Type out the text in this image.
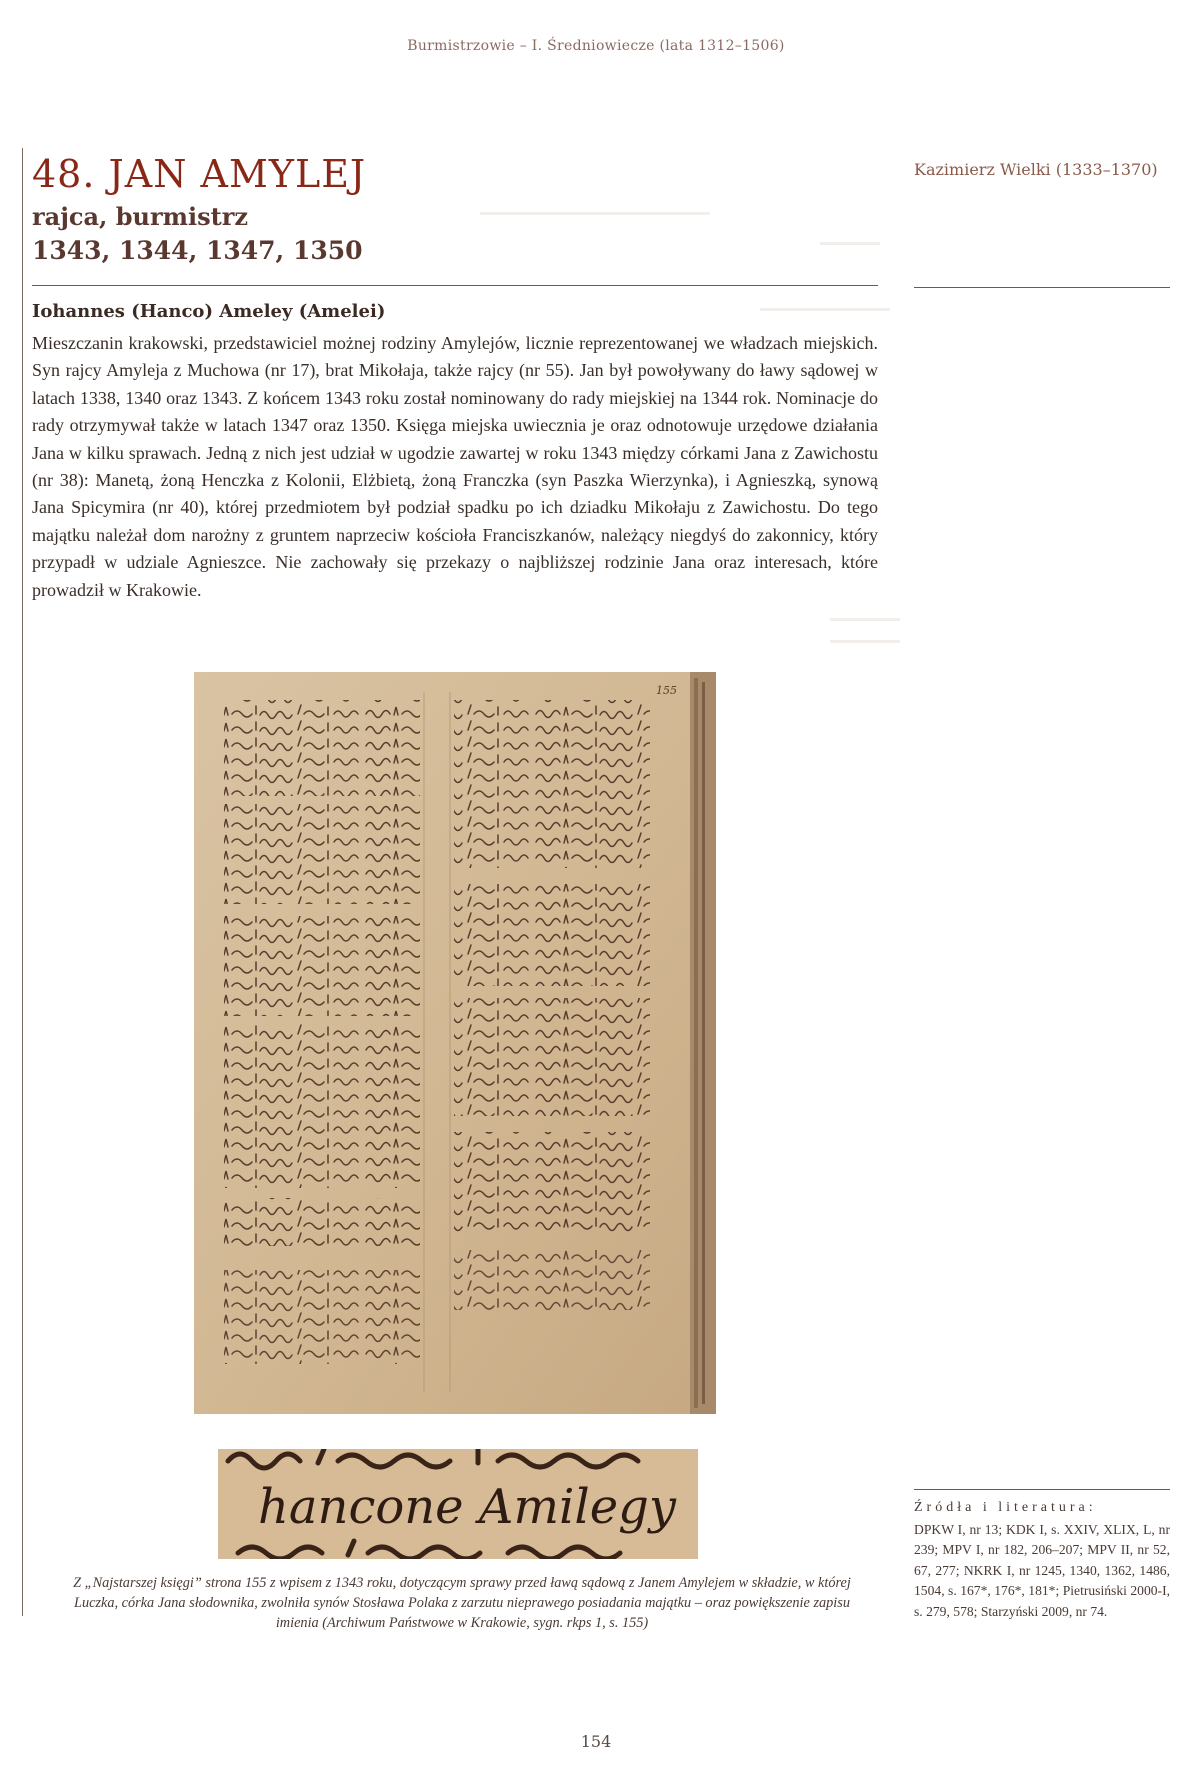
Burmistrzowie – I. Średniowiecze (lata 1312–1506)
48. JAN AMYLEJ
rajca, burmistrz
1343, 1344, 1347, 1350
Kazimierz Wielki (1333–1370)
Iohannes (Hanco) Ameley (Amelei)
Mieszczanin krakowski, przedstawiciel możnej rodziny Amylejów, licznie reprezentowanej we władzach miejskich. Syn rajcy Amyleja z Muchowa (nr 17), brat Mikołaja, także rajcy (nr 55). Jan był powoływany do ławy sądowej w latach 1338, 1340 oraz 1343. Z końcem 1343 roku został nominowany do rady miejskiej na 1344 rok. Nominacje do rady otrzymywał także w latach 1347 oraz 1350. Księga miejska uwiecznia je oraz odnotowuje urzędowe działania Jana w kilku sprawach. Jedną z nich jest udział w ugodzie zawartej w roku 1343 między córkami Jana z Zawichostu (nr 38): Manetą, żoną Henczka z Kolonii, Elżbietą, żoną Franczka (syn Paszka Wierzynka), i Agnieszką, synową Jana Spicymira (nr 40), której przedmiotem był podział spadku po ich dziadku Mikołaju z Zawichostu. Do tego majątku należał dom narożny z gruntem naprzeciw kościoła Franciszkanów, należący niegdyś do zakonnicy, który przypadł w udziale Agnieszce. Nie zachowały się przekazy o najbliższej rodzinie Jana oraz interesach, które prowadził w Krakowie.
155
hancone Amilegy
Z „Najstarszej księgi” strona 155 z wpisem z 1343 roku, dotyczącym sprawy przed ławą sądową z Janem Amylejem w składzie, w której Luczka, córka Jana słodownika, zwolniła synów Stosława Polaka z zarzutu nieprawego posiadania majątku – oraz powiększenie zapisu imienia (Archiwum Państwowe w Krakowie, sygn. rkps 1, s. 155)
Źródła i literatura:
DPKW I, nr 13; KDK I, s. XXIV, XLIX, L, nr 239; MPV I, nr 182, 206–207; MPV II, nr 52, 67, 277; NKRK I, nr 1245, 1340, 1362, 1486, 1504, s. 167*, 176*, 181*; Pietrusiński 2000-I, s. 279, 578; Starzyński 2009, nr 74.
154
